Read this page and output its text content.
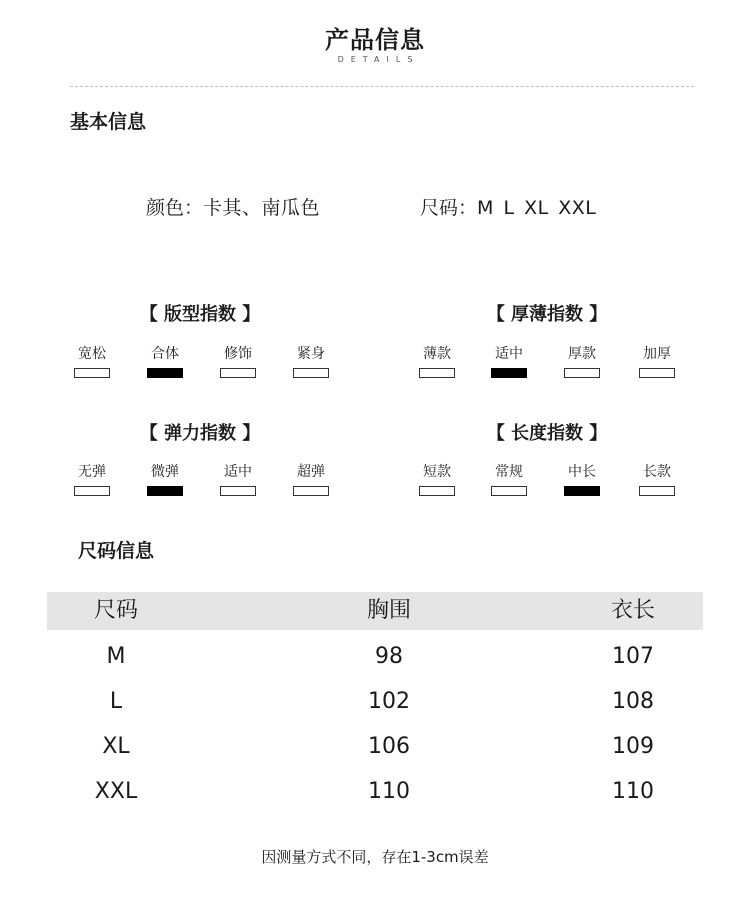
产品信息
DETAILS
基本信息
颜色：卡其、南瓜色	尺码：M L XL XXL
【 版型指数 】
宽松	合体	修饰	紧身
【 厚薄指数 】
薄款	适中	厚款	加厚
【 弹力指数 】
无弹	微弹	适中	超弹
【 长度指数 】
短款	常规	中长	长款
尺码信息
尺码	胸围	衣长
M	98	107
L	102	108
XL	106	109
XXL	110	110
因测量方式不同，存在1-3cm误差
